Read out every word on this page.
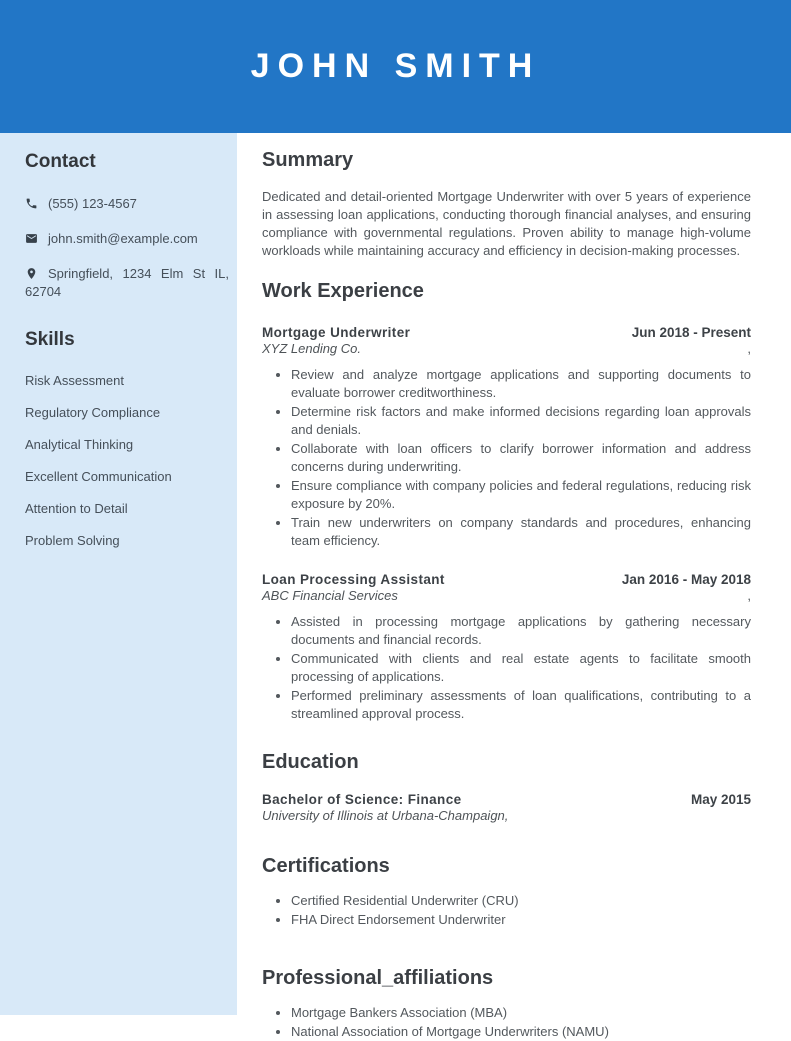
JOHN SMITH
Contact

(555) 123-4567

john.smith@example.com

Springfield, 1234 Elm St IL, 62704

Skills
Risk Assessment
Regulatory Compliance
Analytical Thinking
Excellent Communication
Attention to Detail
Problem Solving
Summary

Dedicated and detail-oriented Mortgage Underwriter with over 5 years of experience in assessing loan applications, conducting thorough financial analyses, and ensuring compliance with governmental regulations. Proven ability to manage high-volume workloads while maintaining accuracy and efficiency in decision-making processes.

Work Experience
Mortgage Underwriter	Jun 2018 - Present
XYZ Lending Co.	,
• Review and analyze mortgage applications and supporting documents to evaluate borrower creditworthiness.
• Determine risk factors and make informed decisions regarding loan approvals and denials.
• Collaborate with loan officers to clarify borrower information and address concerns during underwriting.
• Ensure compliance with company policies and federal regulations, reducing risk exposure by 20%.
• Train new underwriters on company standards and procedures, enhancing team efficiency.
Loan Processing Assistant	Jan 2016 - May 2018
ABC Financial Services	,
• Assisted in processing mortgage applications by gathering necessary documents and financial records.
• Communicated with clients and real estate agents to facilitate smooth processing of applications.
• Performed preliminary assessments of loan qualifications, contributing to a streamlined approval process.
Education
Bachelor of Science: Finance	May 2015
University of Illinois at Urbana-Champaign,
Certifications
• Certified Residential Underwriter (CRU)
• FHA Direct Endorsement Underwriter
Professional_affiliations
• Mortgage Bankers Association (MBA)
• National Association of Mortgage Underwriters (NAMU)
